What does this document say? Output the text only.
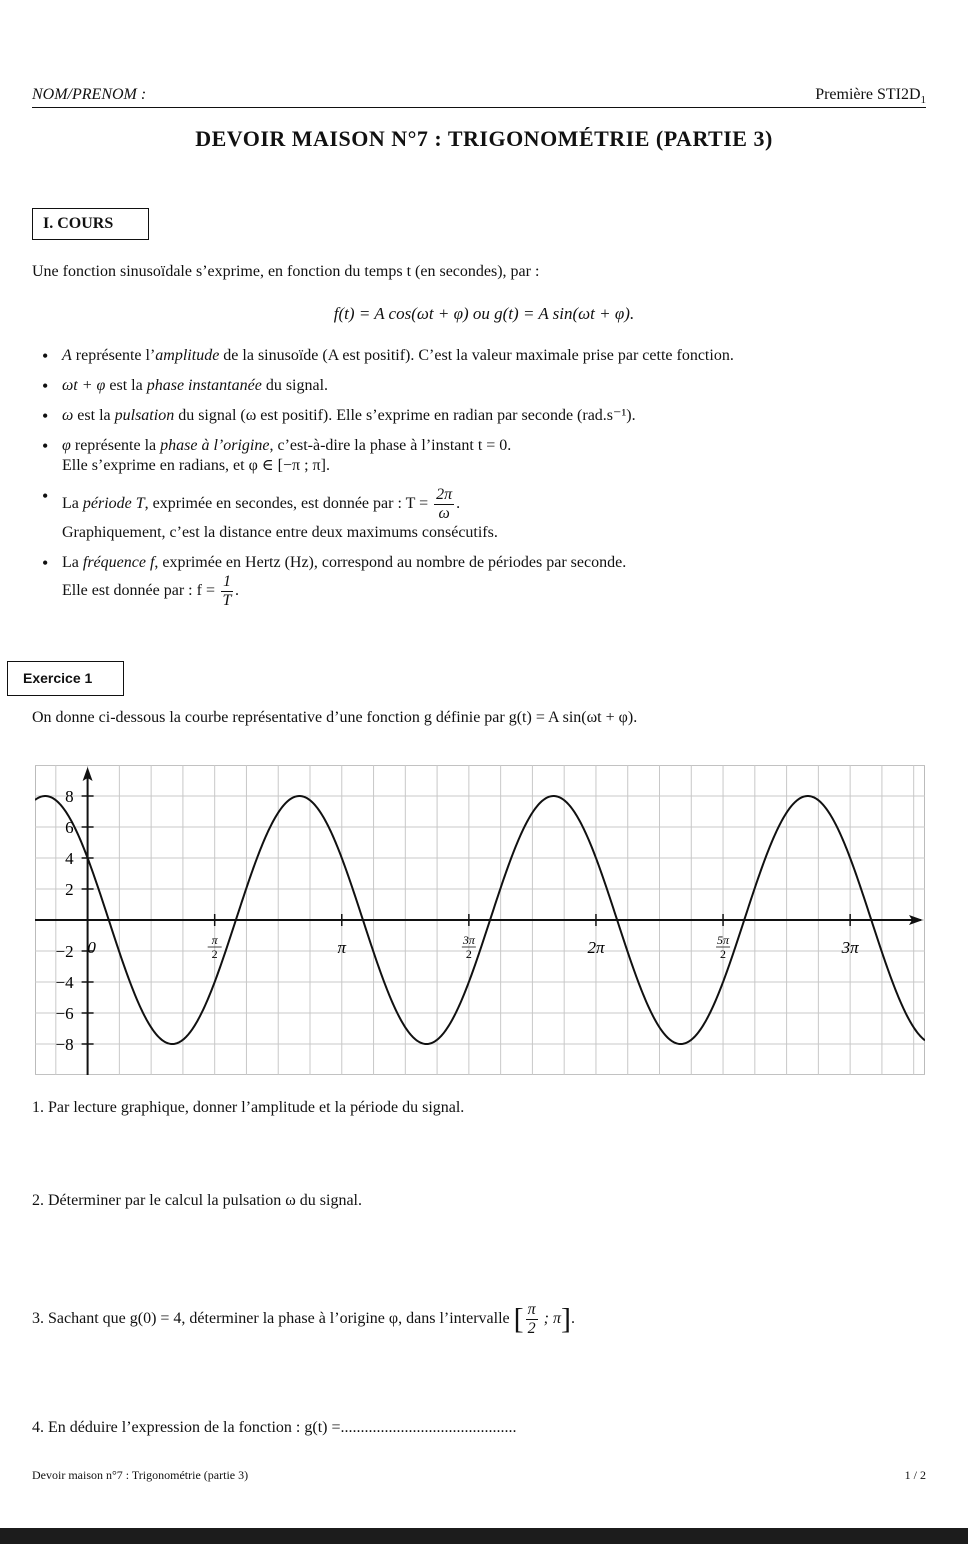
NOM/PRENOM :	Première $STI2D_1$
DEVOIR MAISON N°7 : TRIGONOMÉTRIE (PARTIE 3)
I. COURS
Une fonction sinusoïdale s’exprime, en fonction du temps t (en secondes), par :
f(t) = A cos(ωt + φ) ou g(t) = A sin(ωt + φ).
• A représente l’amplitude de la sinusoïde (A est positif). C’est la valeur maximale prise par cette fonction.
• ωt + φ est la phase instantanée du signal.
• ω est la pulsation du signal (ω est positif). Elle s’exprime en radian par seconde (rad.s⁻¹).
• φ représente la phase à l’origine, c’est-à-dire la phase à l’instant t = 0.
Elle s’exprime en radians, et φ ∈ [−π ; π].
• La période T, exprimée en secondes, est donnée par : $T = \frac{2\pi}{\omega}$ .
Graphiquement, c’est la distance entre deux maximums consécutifs.
• La fréquence f, exprimée en Hertz (Hz), correspond au nombre de périodes par seconde.
Elle est donnée par : $f = \frac{1}{T}$ .
Exercice 1
On donne ci-dessous la courbe représentative d’une fonction g définie par g(t) = A sin(ωt + φ).
−8
−6
−4
−2
2
4
6
8
0	π
2	π	3π
2	2π	5π
2	3π
1. Par lecture graphique, donner l’amplitude et la période du signal.
2. Déterminer par le calcul la pulsation ω du signal.
3. Sachant que g(0) = 4, déterminer la phase à l’origine φ, dans l’intervalle [ $\frac{\pi}{2}$ ; π].
4. En déduire l’expression de la fonction : g(t) =............................................
Devoir maison n°7 : Trigonométrie (partie 3)	1 / 2
